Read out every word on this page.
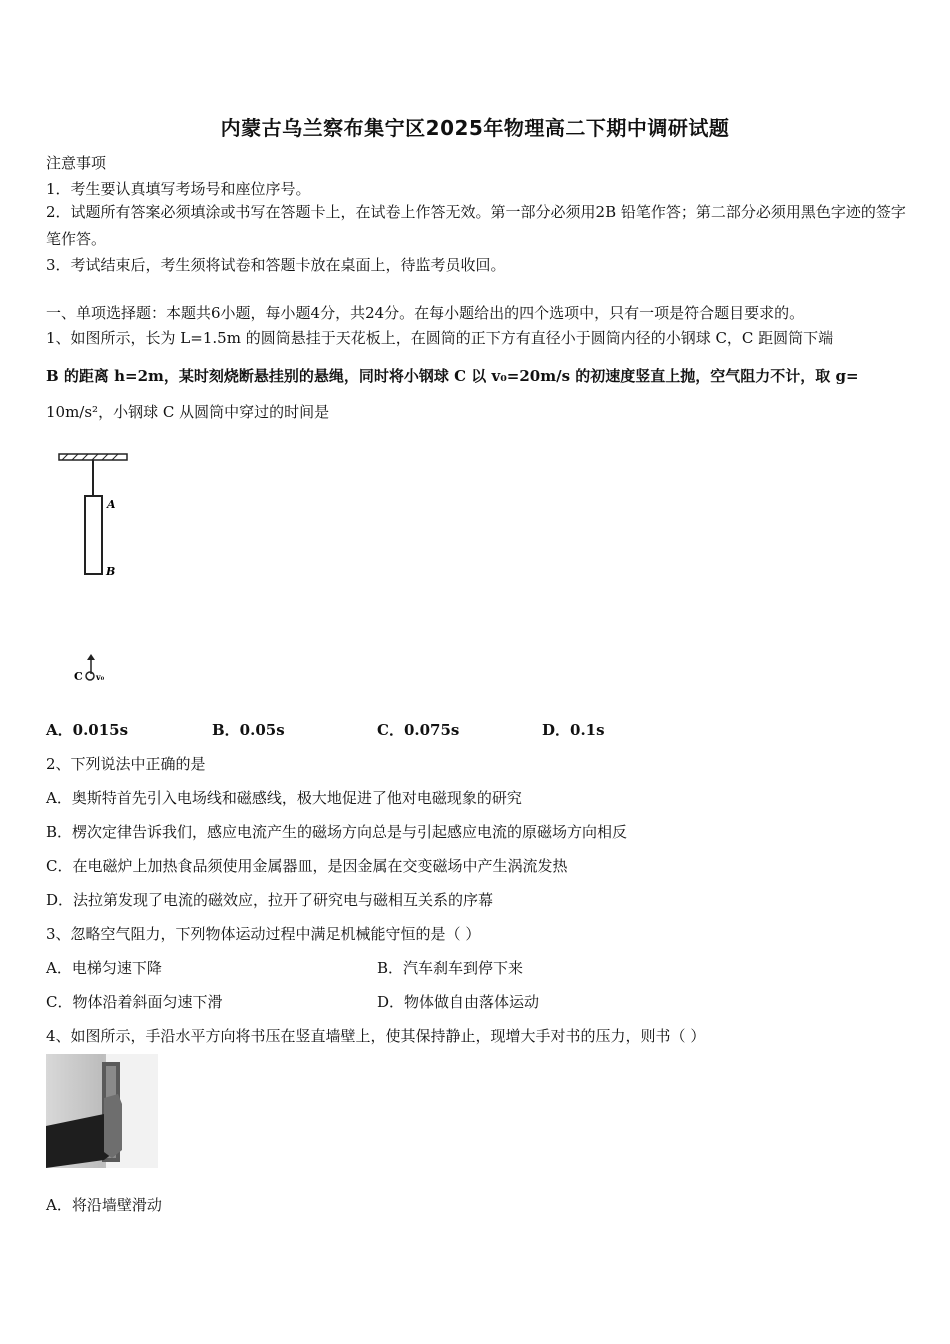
内蒙古乌兰察布集宁区2025年物理高二下期中调研试题
注意事项
1．考生要认真填写考场号和座位序号。
2．试题所有答案必须填涂或书写在答题卡上，在试卷上作答无效。第一部分必须用2B 铅笔作答；第二部分必须用黑色字迹的签字笔作答。
3．考试结束后，考生须将试卷和答题卡放在桌面上，待监考员收回。
一、单项选择题：本题共6小题，每小题4分，共24分。在每小题给出的四个选项中，只有一项是符合题目要求的。
1、如图所示，长为 L=1.5m 的圆筒悬挂于天花板上，在圆筒的正下方有直径小于圆筒内径的小钢球 C，C 距圆筒下端
B 的距离 h=2m，某时刻烧断悬挂别的悬绳，同时将小钢球 C 以 v₀=20m/s 的初速度竖直上抛，空气阻力不计，取 g=
10m/s²，小钢球 C 从圆筒中穿过的时间是
A
B
C v₀
A．0.015s	B．0.05s	C．0.075s	D．0.1s
2、下列说法中正确的是
A．奥斯特首先引入电场线和磁感线，极大地促进了他对电磁现象的研究
B．楞次定律告诉我们，感应电流产生的磁场方向总是与引起感应电流的原磁场方向相反
C．在电磁炉上加热食品须使用金属器皿，是因金属在交变磁场中产生涡流发热
D．法拉第发现了电流的磁效应，拉开了研究电与磁相互关系的序幕
3、忽略空气阻力，下列物体运动过程中满足机械能守恒的是（ ）
A．电梯匀速下降	B．汽车刹车到停下来
C．物体沿着斜面匀速下滑	D．物体做自由落体运动
4、如图所示，手沿水平方向将书压在竖直墙壁上，使其保持静止，现增大手对书的压力，则书（ ）
A．将沿墙壁滑动
